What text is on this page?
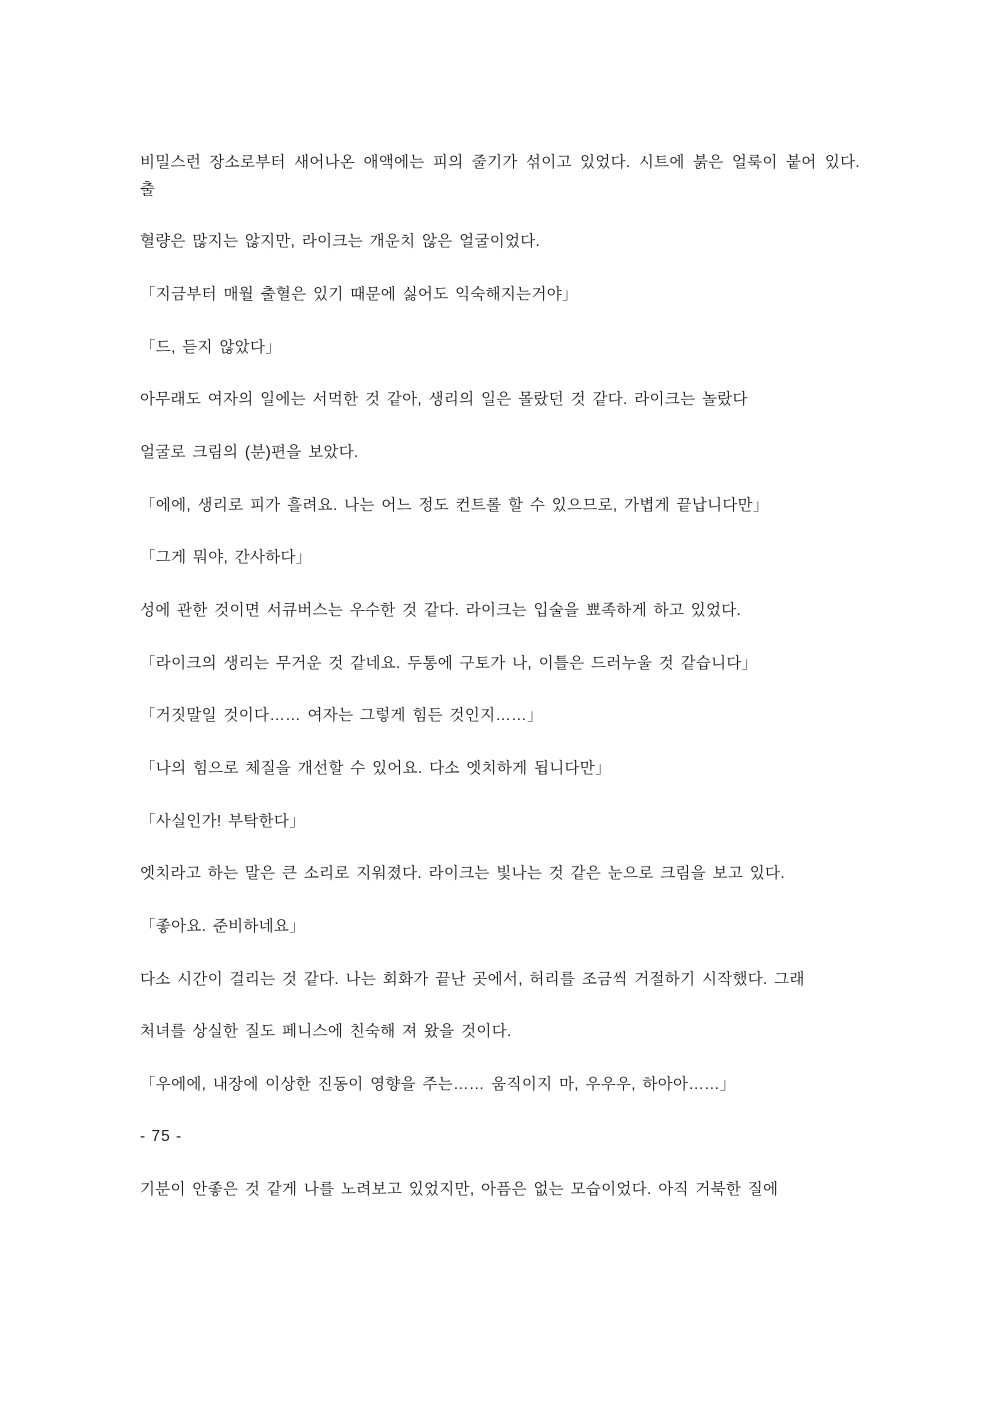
비밀스런 장소로부터 새어나온 애액에는 피의 줄기가 섞이고 있었다. 시트에 붉은 얼룩이 붙어 있다. 출

혈량은 많지는 않지만, 라이크는 개운치 않은 얼굴이었다.

「지금부터 매월 출혈은 있기 때문에 싫어도 익숙해지는거야」

「드, 듣지 않았다」

아무래도 여자의 일에는 서먹한 것 같아, 생리의 일은 몰랐던 것 같다. 라이크는 놀랐다

얼굴로 크림의 (분)편을 보았다.

「에에, 생리로 피가 흘려요. 나는 어느 정도 컨트롤 할 수 있으므로, 가볍게 끝납니다만」

「그게 뭐야, 간사하다」

성에 관한 것이면 서큐버스는 우수한 것 같다. 라이크는 입술을 뾰족하게 하고 있었다.

「라이크의 생리는 무거운 것 같네요. 두통에 구토가 나, 이틀은 드러누울 것 같습니다」

「거짓말일 것이다…… 여자는 그렇게 힘든 것인지……」

「나의 힘으로 체질을 개선할 수 있어요. 다소 엣치하게 됩니다만」

「사실인가! 부탁한다」

엣치라고 하는 말은 큰 소리로 지워졌다. 라이크는 빛나는 것 같은 눈으로 크림을 보고 있다.

「좋아요. 준비하네요」

다소 시간이 걸리는 것 같다. 나는 회화가 끝난 곳에서, 허리를 조금씩 거절하기 시작했다. 그래

처녀를 상실한 질도 페니스에 친숙해 져 왔을 것이다.

「우에에, 내장에 이상한 진동이 영향을 주는…… 움직이지 마, 우우우, 하아아……」

- 75 -

기분이 안좋은 것 같게 나를 노려보고 있었지만, 아픔은 없는 모습이었다. 아직 거북한 질에
